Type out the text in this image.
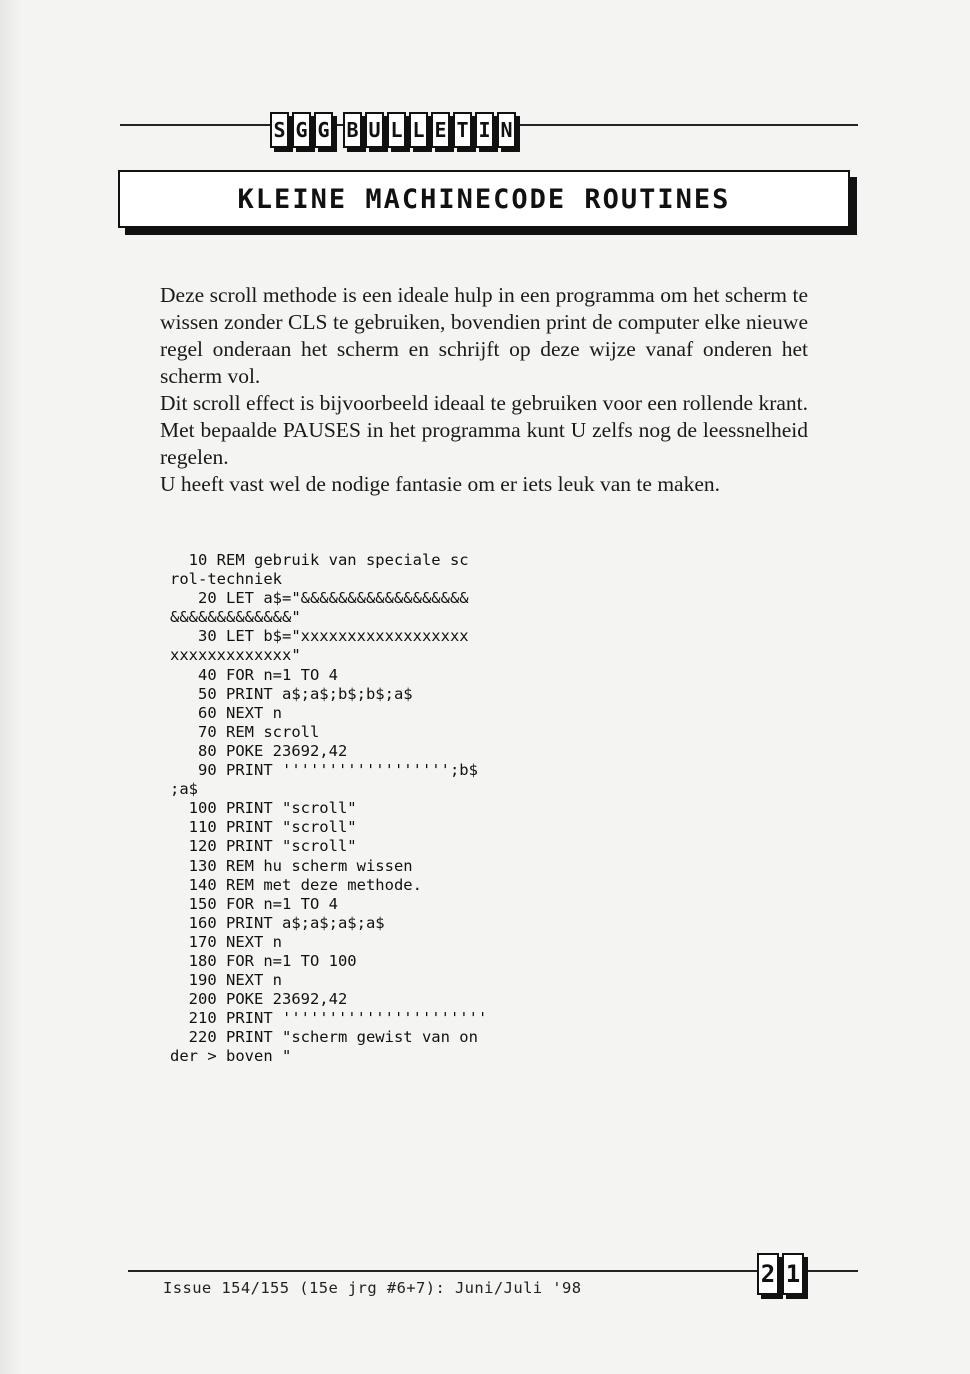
S G G B U L L E T I N
KLEINE MACHINECODE ROUTINES

Deze scroll methode is een ideale hulp in een programma om het scherm te wissen zonder CLS te gebruiken, bovendien print de computer elke nieuwe regel onderaan het scherm en schrijft op deze wijze vanaf onderen het scherm vol.

Dit scroll effect is bijvoorbeeld ideaal te gebruiken voor een rollende krant. Met bepaalde PAUSES in het programma kunt U zelfs nog de leessnelheid regelen.

U heeft vast wel de nodige fantasie om er iets leuk van te maken.

10 REM gebruik van speciale sc
rol-techniek
20 LET a$="&&&&&&&&&&&&&&&&&&
&&&&&&&&&&&&&"
30 LET b$="xxxxxxxxxxxxxxxxxx
xxxxxxxxxxxxx"
40 FOR n=1 TO 4
50 PRINT a$;a$;b$;b$;a$
60 NEXT n
70 REM scroll
80 POKE 23692,42
90 PRINT '''''''''''''''''';b$
;a$
100 PRINT "scroll"
110 PRINT "scroll"
120 PRINT "scroll"
130 REM hu scherm wissen
140 REM met deze methode.
150 FOR n=1 TO 4
160 PRINT a$;a$;a$;a$
170 NEXT n
180 FOR n=1 TO 100
190 NEXT n
200 POKE 23692,42
210 PRINT ''''''''''''''''''''''
220 PRINT "scherm gewist van on
der > boven "
Issue 154/155 (15e jrg #6+7): Juni/Juli '98	2 1
